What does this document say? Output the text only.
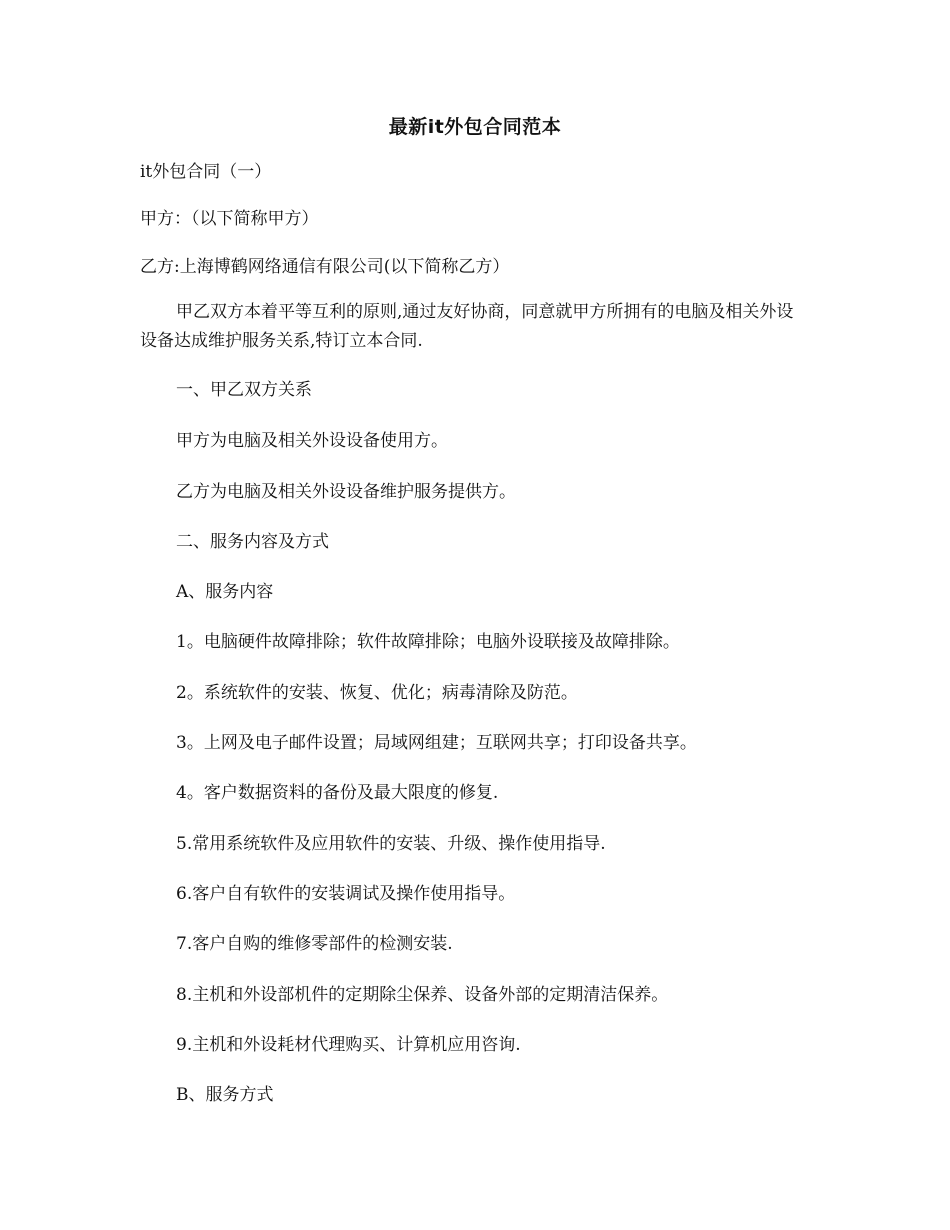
最新it外包合同范本
it外包合同（一）
甲方：（以下简称甲方）
乙方:上海博鹤网络通信有限公司(以下简称乙方）
甲乙双方本着平等互利的原则,通过友好协商，同意就甲方所拥有的电脑及相关外设设备达成维护服务关系,特订立本合同.
一、甲乙双方关系
甲方为电脑及相关外设设备使用方。
乙方为电脑及相关外设设备维护服务提供方。
二、服务内容及方式
A、服务内容
1。电脑硬件故障排除；软件故障排除；电脑外设联接及故障排除。
2。系统软件的安装、恢复、优化；病毒清除及防范。
3。上网及电子邮件设置；局域网组建；互联网共享；打印设备共享。
4。客户数据资料的备份及最大限度的修复.
5.常用系统软件及应用软件的安装、升级、操作使用指导.
6.客户自有软件的安装调试及操作使用指导。
7.客户自购的维修零部件的检测安装.
8.主机和外设部机件的定期除尘保养、设备外部的定期清洁保养。
9.主机和外设耗材代理购买、计算机应用咨询.
B、服务方式
